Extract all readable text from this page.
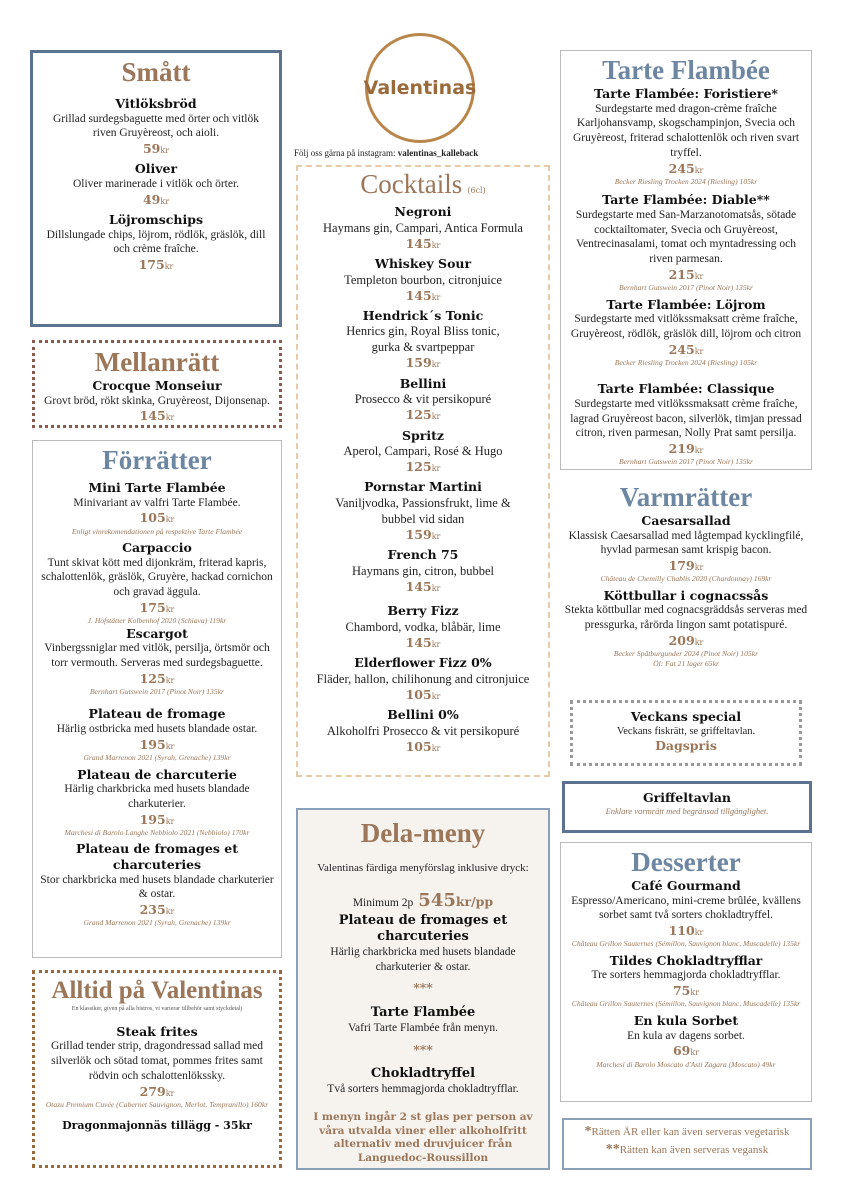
Valentinas
Följ oss gärna på instagram: valentinas_kalleback
Smått
Vitlöksbröd
Grillad surdegsbaguette med örter och vitlök riven Gruyèreost, och aioli.
59kr
Oliver
Oliver marinerade i vitlök och örter.
49kr
Löjromschips
Dillslungade chips, löjrom, rödlök, gräslök, dill och crème fraîche.
175kr
Mellanrätt
Crocque Monseiur
Grovt bröd, rökt skinka, Gruyèreost, Dijonsenap.
145kr
Förrätter
Mini Tarte Flambée
Minivariant av valfri Tarte Flambée.
105kr
Enligt vinrekomendationen på respektive Tarte Flambée
Carpaccio
Tunt skivat kött med dijonkräm, friterad kapris, schalottenlök, gräslök, Gruyère, hackad cornichon och gravad äggula.
175kr
J. Hofstätter Kolbenhof 2020 (Schiava) 119kr
Escargot
Vinbergssniglar med vitlök, persilja, örtsmör och torr vermouth. Serveras med surdegsbaguette.
125kr
Bernhart Gutswein 2017 (Pinot Noir) 135kr
Plateau de fromage
Härlig ostbricka med husets blandade ostar.
195kr
Grand Marrenon 2021 (Syrah, Grenache) 139kr
Plateau de charcuterie
Härlig charkbricka med husets blandade charkuterier.
195kr
Marchesi di Barolo Langhe Nebbiolo 2021 (Nebbiolo) 170kr
Plateau de fromages et charcuteries
Stor charkbricka med husets blandade charkuterier & ostar.
235kr
Grand Marrenon 2021 (Syrah, Grenache) 139kr
Alltid på Valentinas
En klassiker, given på alla bistros, vi varierar tillbehör samt styckdetalj
Steak frites
Grillad tender strip, dragondressad sallad med silverlök och sötad tomat, pommes frites samt rödvin och schalottenlökssky.
279kr
Otazu Premium Cuvée (Cabernet Sauvignon, Merlot, Tempranillo) 160kr
Dragonmajonnäs tillägg - 35kr
Cocktails (6cl)
Negroni
Haymans gin, Campari, Antica Formula
145kr
Whiskey Sour
Templeton bourbon, citronjuice
145kr
Hendrick´s Tonic
Henrics gin, Royal Bliss tonic, gurka & svartpeppar
159kr
Bellini
Prosecco & vit persikopuré
125kr
Spritz
Aperol, Campari, Rosé & Hugo
125kr
Pornstar Martini
Vaniljvodka, Passionsfrukt, lime & bubbel vid sidan
159kr
French 75
Haymans gin, citron, bubbel
145kr
Berry Fizz
Chambord, vodka, blåbär, lime
145kr
Elderflower Fizz 0%
Fläder, hallon, chilihonung and citronjuice
105kr
Bellini 0%
Alkoholfri Prosecco & vit persikopuré
105kr
Dela-meny
Valentinas färdiga menyförslag inklusive dryck:
Minimum 2p 545kr/pp
Plateau de fromages et charcuteries
Härlig charkbricka med husets blandade charkuterier & ostar.
***
Tarte Flambée
Vafri Tarte Flambée från menyn.
***
Chokladtryffel
Två sorters hemmagjorda chokladtryfflar.
I menyn ingår 2 st glas per person av våra utvalda viner eller alkoholfritt alternativ med druvjuicer från Languedoc-Roussillon
Tarte Flambée
Tarte Flambée: Foristiere*
Surdegstarte med dragon-crème fraîche Karljohansvamp, skogschampinjon, Svecia och Gruyèreost, friterad schalottenlök och riven svart tryffel.
245kr
Becker Riesling Trocken 2024 (Riesling) 105kr
Tarte Flambée: Diable**
Surdegstarte med San-Marzanotomatsås, sötade cocktailtomater, Svecia och Gruyèreost, Ventrecinasalami, tomat och myntadressing och riven parmesan.
215kr
Bernhart Gutswein 2017 (Pinot Noir) 135kr
Tarte Flambée: Löjrom
Surdegstarte med vitlökssmaksatt crème fraîche, Gruyèreost, rödlök, gräslök dill, löjrom och citron
245kr
Becker Riesling Trocken 2024 (Riesling) 105kr
Tarte Flambée: Classique
Surdegstarte med vitlökssmaksatt crème fraîche, lagrad Gruyèreost bacon, silverlök, timjan pressad citron, riven parmesan, Nolly Prat samt persilja.
219kr
Bernhart Gutswein 2017 (Pinot Noir) 135kr
Varmrätter
Caesarsallad
Klassisk Caesarsallad med lågtempad kycklingfilé, hyvlad parmesan samt krispig bacon.
179kr
Château de Chemilly Chablis 2020 (Chardonnay) 169kr
Köttbullar i cognacssås
Stekta köttbullar med cognacsgräddsås serveras med pressgurka, rårörda lingon samt potatispuré.
209kr
Becker Spätburgunder 2024 (Pinot Noir) 105kr
Öl: Fat 21 lager 65kr
Veckans special
Veckans fiskrätt, se griffeltavlan.
Dagspris
Griffeltavlan
Enklare varmrätt med begränsad tillgänglighet.
Desserter
Café Gourmand
Espresso/Americano, mini-creme brûlée, kvällens sorbet samt två sorters chokladtryffel.
110kr
Château Grillon Sauternes (Sémillon, Sauvignon blanc, Muscadelle) 135kr
Tildes Chokladtryfflar
Tre sorters hemmagjorda chokladtryfflar.
75kr
Château Grillon Sauternes (Sémillon, Sauvignon blanc, Muscadelle) 135kr
En kula Sorbet
En kula av dagens sorbet.
69kr
Marchesi di Barolo Moscato d'Asti Zagara (Moscato) 49kr
*Rätten ÄR eller kan även serveras vegetarisk
**Rätten kan även serveras vegansk
